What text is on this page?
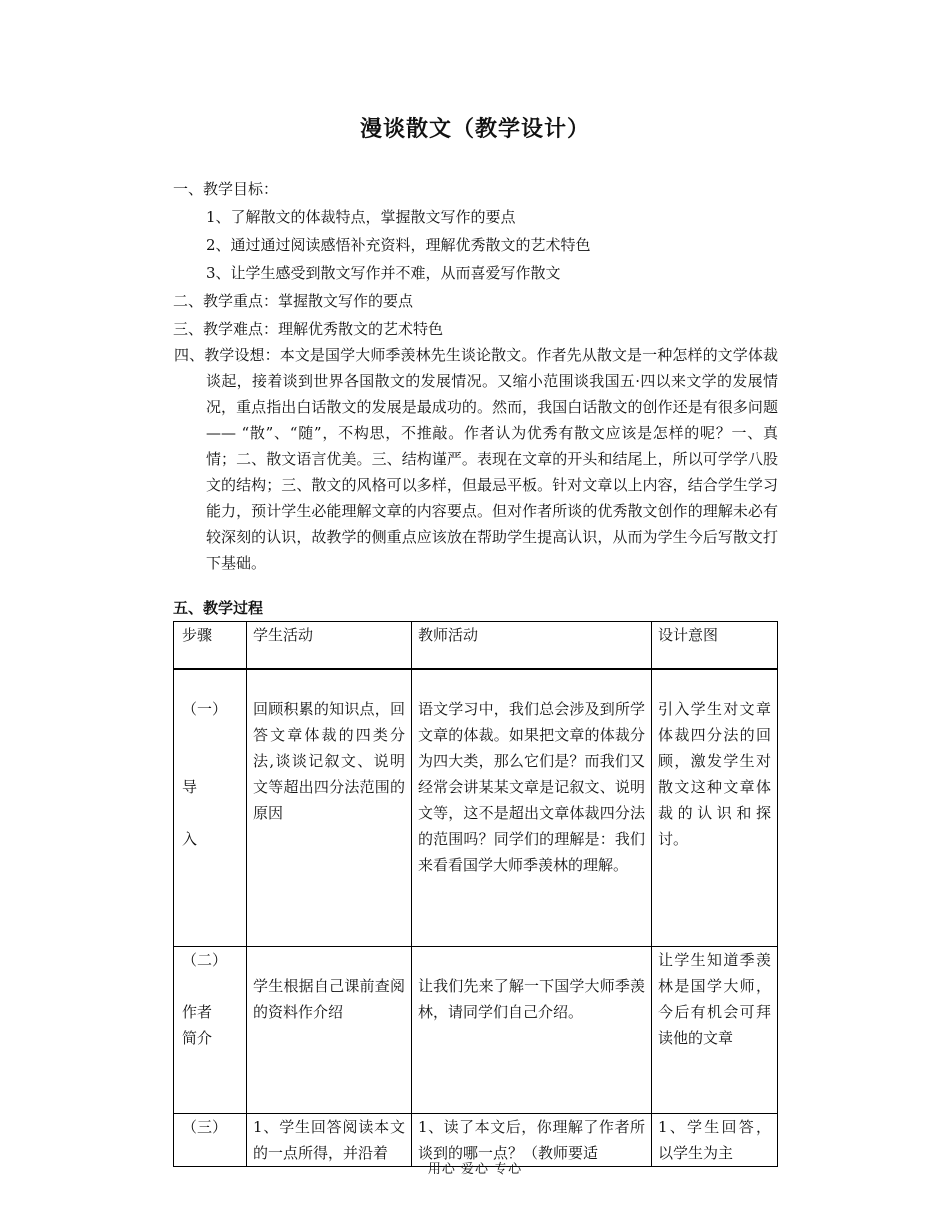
漫谈散文（教学设计）
一、教学目标：
1、了解散文的体裁特点，掌握散文写作的要点
2、通过通过阅读感悟补充资料，理解优秀散文的艺术特色
3、让学生感受到散文写作并不难，从而喜爱写作散文
二、教学重点：掌握散文写作的要点
三、教学难点：理解优秀散文的艺术特色
四、教学设想：本文是国学大师季羡林先生谈论散文。作者先从散文是一种怎样的文学体裁谈起，接着谈到世界各国散文的发展情况。又缩小范围谈我国五·四以来文学的发展情况，重点指出白话散文的发展是最成功的。然而，我国白话散文的创作还是有很多问题—— “散”、“随”，不构思，不推敲。作者认为优秀有散文应该是怎样的呢？一、真情；二、散文语言优美。三、结构谨严。表现在文章的开头和结尾上，所以可学学八股文的结构；三、散文的风格可以多样，但最忌平板。针对文章以上内容，结合学生学习能力，预计学生必能理解文章的内容要点。但对作者所谈的优秀散文创作的理解未必有较深刻的认识，故教学的侧重点应该放在帮助学生提高认识，从而为学生今后写散文打下基础。
五、教学过程
步骤	学生活动	教师活动	设计意图

（一）
导
入	回顾积累的知识点，回答文章体裁的四类分法,谈谈记叙文、说明文等超出四分法范围的原因	语文学习中，我们总会涉及到所学文章的体裁。如果把文章的体裁分为四大类，那么它们是？而我们又经常会讲某某文章是记叙文、说明文等，这不是超出文章体裁四分法的范围吗？同学们的理解是：我们来看看国学大师季羡林的理解。	引入学生对文章体裁四分法的回顾，激发学生对散文这种文章体裁的认识和探讨。

（二）
作者
简介	学生根据自己课前查阅的资料作介绍	让我们先来了解一下国学大师季羡林，请同学们自己介绍。	让学生知道季羡林是国学大师，今后有机会可拜读他的文章

（三）	1、学生回答阅读本文的一点所得，并沿着	1、读了本文后，你理解了作者所谈到的哪一点？（教师要适	1、学生回答，以学生为主
用心 爱心 专心
